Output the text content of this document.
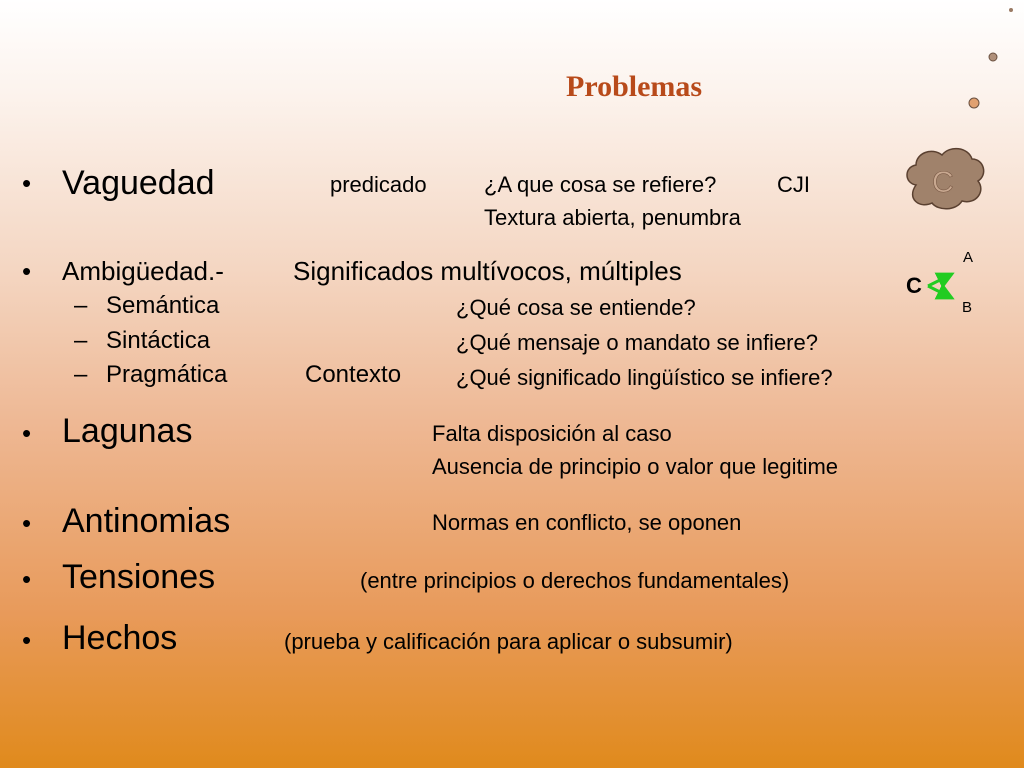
Problemas
C
• Vaguedad	predicado	¿A que cosa se refiere?	CJI
Textura abierta, penumbra
• Ambigüedad.-	Significados multívocos, múltiples
– Semántica	¿Qué cosa se entiende?
– Sintáctica	¿Qué mensaje o mandato se infiere?
– Pragmática	Contexto ¿Qué significado lingüístico se infiere?
A
C
B
• Lagunas	Falta disposición al caso
Ausencia de principio o valor que legitime
• Antinomias	Normas en conflicto, se oponen
• Tensiones	(entre principios o derechos fundamentales)
• Hechos	(prueba y calificación para aplicar o subsumir)
